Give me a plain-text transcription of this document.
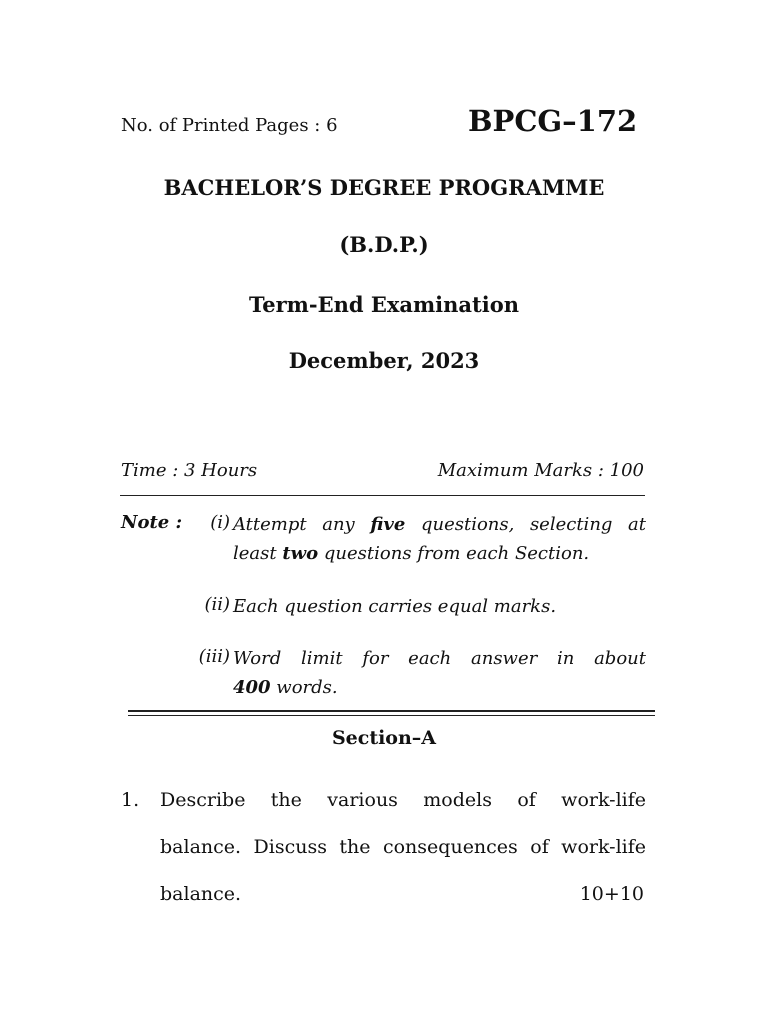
No. of Printed Pages : 6	BPCG–172
BACHELOR’S DEGREE PROGRAMME
(B.D.P.)
Term-End Examination
December, 2023
Time : 3 Hours	Maximum Marks : 100
Note :	(i) Attempt any five questions, selecting at
least two questions from each Section.
(ii) Each question carries equal marks.
(iii) Word limit for each answer in about
400 words.
Section–A
1. Describe the various models of work-life
balance. Discuss the consequences of work-life
balance.	10+10
